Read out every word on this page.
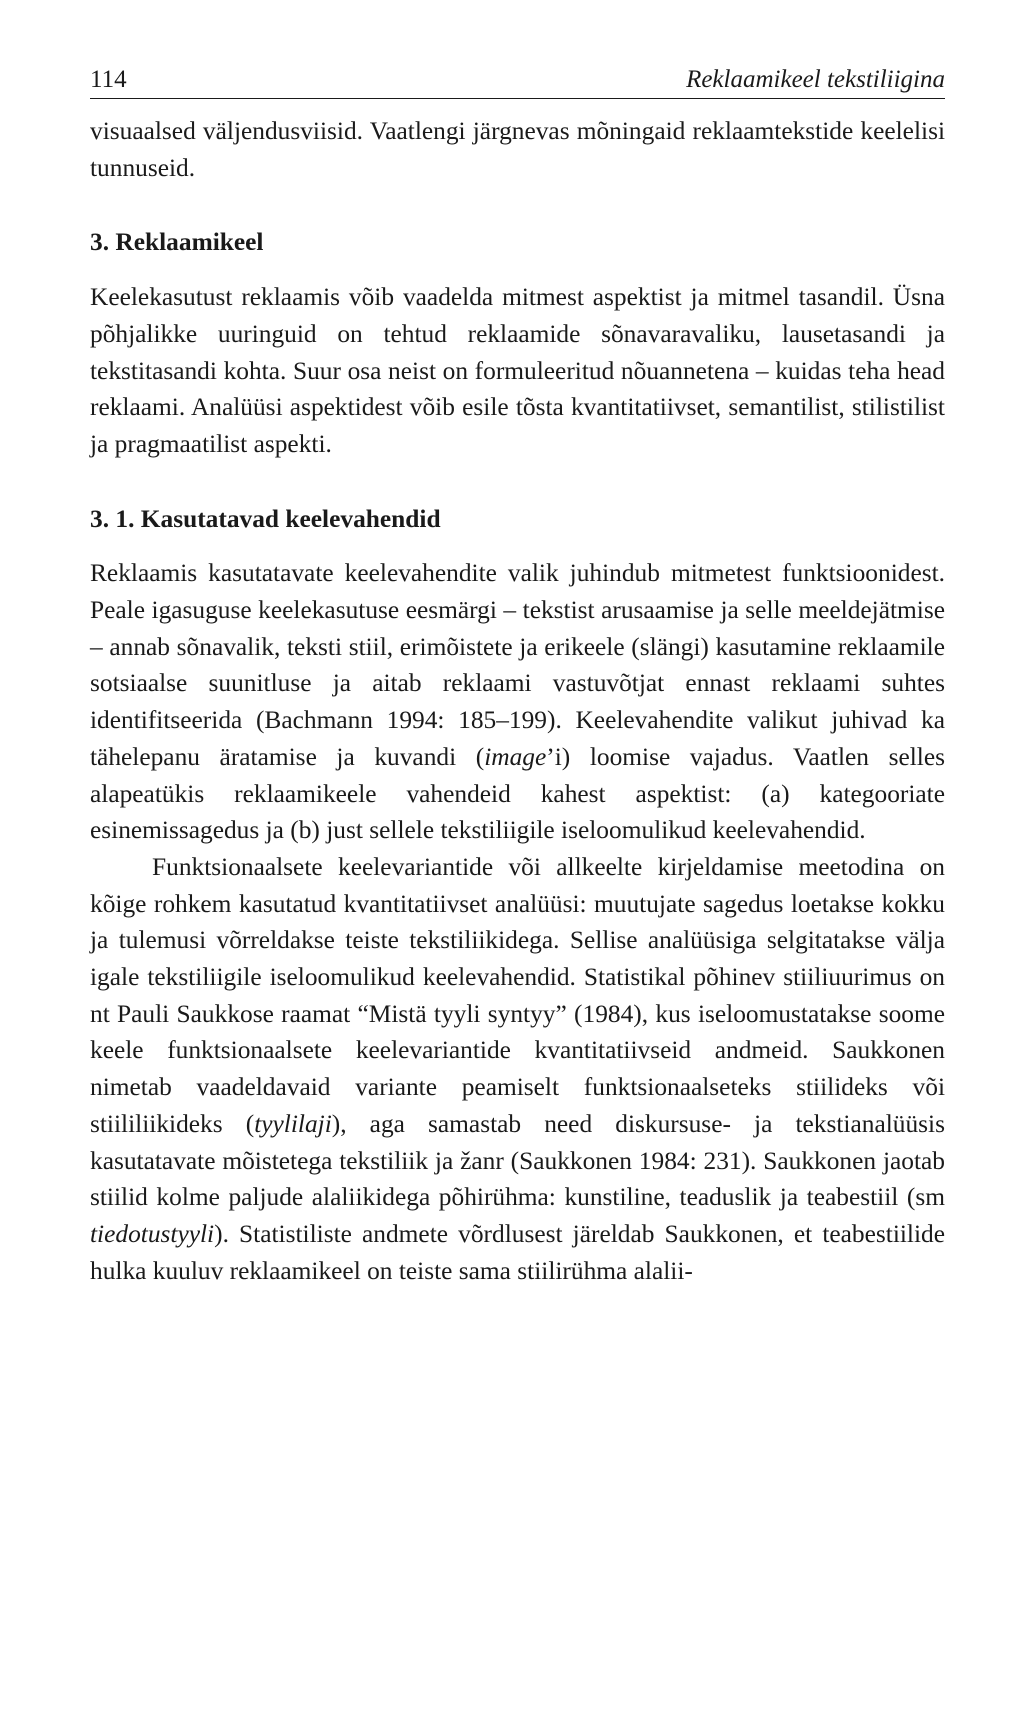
114	Reklaamikeel tekstiliigina

visuaalsed väljendusviisid. Vaatlengi järgnevas mõningaid reklaamtekstide keelelisi tunnuseid.

3. Reklaamikeel

Keelekasutust reklaamis võib vaadelda mitmest aspektist ja mitmel tasandil. Üsna põhjalikke uuringuid on tehtud reklaamide sõnavaravaliku, lausetasandi ja tekstitasandi kohta. Suur osa neist on formuleeritud nõuannetena – kuidas teha head reklaami. Analüüsi aspektidest võib esile tõsta kvantitatiivset, semantilist, stilistilist ja pragmaatilist aspekti.

3. 1. Kasutatavad keelevahendid

Reklaamis kasutatavate keelevahendite valik juhindub mitmetest funktsioonidest. Peale igasuguse keelekasutuse eesmärgi – tekstist arusaamise ja selle meeldejätmise – annab sõnavalik, teksti stiil, erimõistete ja erikeele (slängi) kasutamine reklaamile sotsiaalse suunitluse ja aitab reklaami vastuvõtjat ennast reklaami suhtes identifitseerida (Bachmann 1994: 185–199). Keelevahendite valikut juhivad ka tähelepanu äratamise ja kuvandi (image’i) loomise vajadus. Vaatlen selles alapeatükis reklaamikeele vahendeid kahest aspektist: (a) kategooriate esinemissagedus ja (b) just sellele tekstiliigile iseloomulikud keelevahendid.

Funktsionaalsete keelevariantide või allkeelte kirjeldamise meetodina on kõige rohkem kasutatud kvantitatiivset analüüsi: muutujate sagedus loetakse kokku ja tulemusi võrreldakse teiste tekstiliikidega. Sellise analüüsiga selgitatakse välja igale tekstiliigile iseloomulikud keelevahendid. Statistikal põhinev stiiliuurimus on nt Pauli Saukkose raamat “Mistä tyyli syntyy” (1984), kus iseloomustatakse soome keele funktsionaalsete keelevariantide kvantitatiivseid andmeid. Saukkonen nimetab vaadeldavaid variante peamiselt funktsionaalseteks stiilideks või stiililiikideks (tyylilaji), aga samastab need diskursuse- ja tekstianalüüsis kasutatavate mõistetega tekstiliik ja žanr (Saukkonen 1984: 231). Saukkonen jaotab stiilid kolme paljude alaliikidega põhirühma: kunstiline, teaduslik ja teabestiil (sm tiedotustyyli). Statistiliste andmete võrdlusest järeldab Saukkonen, et teabestiilide hulka kuuluv reklaamikeel on teiste sama stiilirühma alalii-
